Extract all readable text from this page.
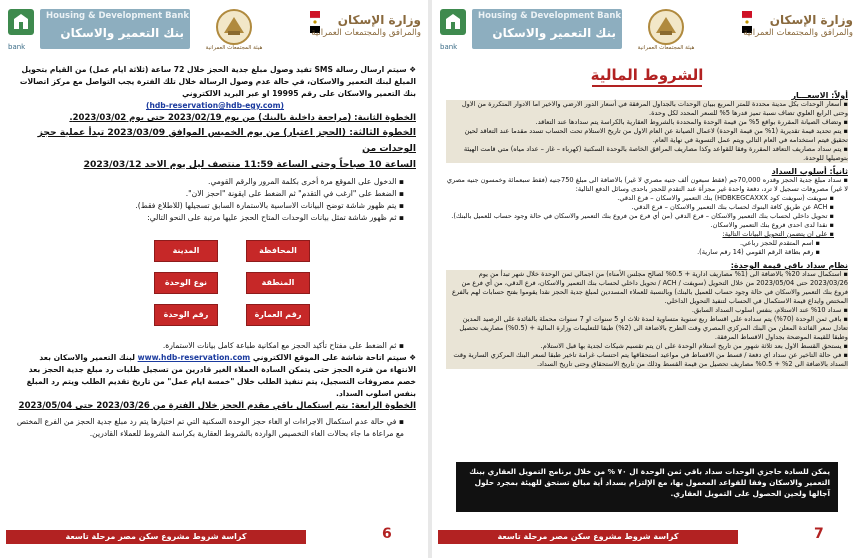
bank
Housing & Development Bank
بنك التعمير والاسكان
هيئة المجتمعات العمرانية
وزارة الإسكان
والمرافق والمجتمعات العمرانية

❖ سيتم ارسال رسالة SMS تفيد وصول مبلغ جدية الحجز خلال 72 ساعة (ثلاثة ايام عمل) من القيام بتحويل المبلغ لبنك التعمير والاسكان، في حالة عدم وصول الرسالة خلال تلك الفترة يجب التواصل مع مركز اتصالات بنك التعمير والاسكان على رقم 19995 او عبر البريد الالكتروني

(hdb-reservation@hdb-egy.com)

الخطوة الثانية: (مراجعة داخلية بالبنك) من يوم 2023/02/19 حتى يوم 2023/03/02.

الخطوة الثالثة: (الحجز اعتبار) من يوم الخميس الموافق 2023/03/09 تبدأ عملية حجز الوحدات من

الساعة 10 صباحاً وحتى الساعة 11:59 منتصف ليل يوم الاحد 2023/03/12

▪ الدخول على الموقع مرة أخرى بكلمة المرور والرقم القومي.
▪ الضغط على "ارغب في التقدم" ثم الضغط على ايقونة "احجز الان".
▪ يتم ظهور شاشة توضح البيانات الاساسية بالاستمارة السابق تسجيلها (للاطلاع فقط).
▪ ثم ظهور شاشة تمثل بيانات الوحدات المتاح الحجز عليها مرتبة على النحو التالي:
المحافظة
المنطقة
رقم العمارة
المدينة
نوع الوحدة
رقم الوحدة
▪ ثم الضغط على مفتاح تأكيد الحجز مع امكانية طباعة كامل بيانات الاستمارة.

❖ سيتم اتاحة شاشة على الموقع الالكتروني www.hdb-reservation.com لبنك التعمير والاسكان بعد الانتهاء من فترة الحجز حتى يتمكن السادة العملاء الغير قادرين من تسجيل طلبات رد مبلغ جدية الحجز بعد خصم مصروفات التسجيل، يتم تنفيذ الطلب خلال "خمسة ايام عمل" من تاريخ تقديم الطلب ويتم رد المبلغ بنفس اسلوب السداد.

الخطوة الرابعة: يتم استكمال باقي مقدم الحجز خلال الفترة من 2023/03/26 حتى 2023/05/04

▪ في حالة عدم استكمال الاجراءات او الغاء حجز الوحدة السكنية التي تم اختيارها يتم رد مبلغ جدية الحجز من الفرع المختص مع مراعاة ما جاء بحالات الغاء التخصيص الواردة بالشروط العقارية بكراسة الشروط للعملاء القادرين.
كراسة شروط مشروع سكن مصر مرحلة تاسعة	6
bank
Housing & Development Bank
بنك التعمير والاسكان
هيئة المجتمعات العمرانية
وزارة الإسكان
والمرافق والمجتمعات العمرانية
الشروط المالية
أولاً: الاسعـــار
▪ أسعار الوحدات بكل مدينة محددة للمتر المربع ببيان الوحدات بالجداول المرفقة في أسعار الدور الارضي والاخير اما الادوار المتكررة من الاول وحتى الرابع العلوي تضاف نسبة تميز قدرها 5% للسعر المحدد لكل وحدة.
▪ وتضاف الصيانة المقررة بواقع 5% من قيمة الوحدة والمحددة بالشروط العقارية بالكراسة يتم سدادها عند التعاقد.
▪ يتم تحديد قيمة تقديرية (1% من قيمة الوحدة) لاعمال الصيانة عن العام الاول من تاريخ الاستلام تحت الحساب تسدد مقدما عند التعاقد لحين تحقيق فيتم استخدامه في العام التالي ويتم عمل التسوية في نهاية العام.
▪ يتم سداد مصاريف التعاقد المقررة وفقا للقواعد وكذا مصاريف المرافق الخاصة بالوحدة السكنية (كهرباء – غاز – عداد مياه) متي قامت الهيئة بتوصيلها للوحدة.
ثانياً: أسلوب السداد
▪ سداد مبلغ جدية الحجز وقدره 70,000جم (فقط سبعون ألف جنيه مصري لا غير) بالاضافة الى مبلغ 750جنيه (فقط سبعمائة وخمسون جنيه مصري لا غير) مصروفات تسجيل لا ترد، دفعة واحدة غير مجزأة عند التقدم للحجز باحدى وسائل الدفع التالية:
▪ سويفت (سويفت كود HDBKEGCAXXX) بنك التعمير والاسكان – فرع الدقي.
▪ ACH عن طريق كافة البنوك لحساب بنك التعمير والاسكان – فرع الدقي.
▪ تحويل داخلي لحساب بنك التعمير والاسكان – فرع الدقي (من أي فرع من فروع بنك التعمير والاسكان في حالة وجود حساب للعميل بالبنك).
▪ نقدا لدى احدى فروع بنك التعمير والاسكان.
▪ على ان يتضمن التحويل البيانات التالية:
▪ اسم المتقدم للحجز رباعي.
▪ رقم بطاقة الرقم القومي (14 رقم سارية).
نظام سداد باقي قيمة الوحدة:
▪ استكمال سداد 20% بالاضافة الى (1% مصاريف ادارية + 0.5% لصالح مجلس الأمناء) من اجمالي ثمن الوحدة خلال شهر تبدأ من يوم 2023/03/26 حتى 2023/05/04 من خلال التحويل (سويفت / ACH / تحويل داخلي لحساب بنك التعمير والاسكان، فرع الدقي، من أي فرع من فروع بنك التعمير والاسكان في حالة وجود حساب للعميل بالبنك) وبالنسبة للعملاء المسددين لمبلغ جدية الحجز نقدا يقوموا بفتح حسابات لهم بالفرع المختص وايداع قيمة الاستكمال في الحساب لتنفيذ التحويل الداخلي.
▪ سداد 10% عند الاستلام، بنفس اسلوب السداد السابق.
▪ باقي ثمن الوحدة (70%) يتم سداده على اقساط ربع سنوية متساوية لمدة ثلاث او 5 سنوات او 7 سنوات محملة بالفائدة على الرصيد المدين تعادل سعر الفائدة المعلن من البنك المركزي المصري وقت الطرح بالاضافة الى (2%) طبقا للتعليمات وزارة المالية + (0.5%) مصاريف تحصيل وطبقا للقيمة الموضحة بجداول الاقساط المرفقة.
▪ يستحق القسط الاول بعد ثلاثة شهور من تاريخ استلام الوحدة على ان يتم تقسيم شيكات لجدية بها قبل الاستلام.
▪ في حالة التاخير عن سداد اي دفعة / قسط من الاقساط في مواعيد استحقاقها يتم احتساب غرامة تاخير طبقا لسعر البنك المركزي السارية وقت السداد بالاضافة الى 2% + 0.5% مصاريف تحصيل من قيمة القسط وذلك من تاريخ الاستحقاق وحتى تاريخ السداد.
يمكن للسادة حاجزي الوحدات سداد باقي ثمن الوحدة ال ٧٠ % من خلال برنامج التمويل العقاري ببنك التعمير والاسكان وفقا للقواعد المعمول بها، مع الإلتزام بسداد أية مبالغ تستحق للهيئة بمجرد حلول آجالها ولحين الحصول على التمويل العقاري.
كراسة شروط مشروع سكن مصر مرحلة تاسعة	7
